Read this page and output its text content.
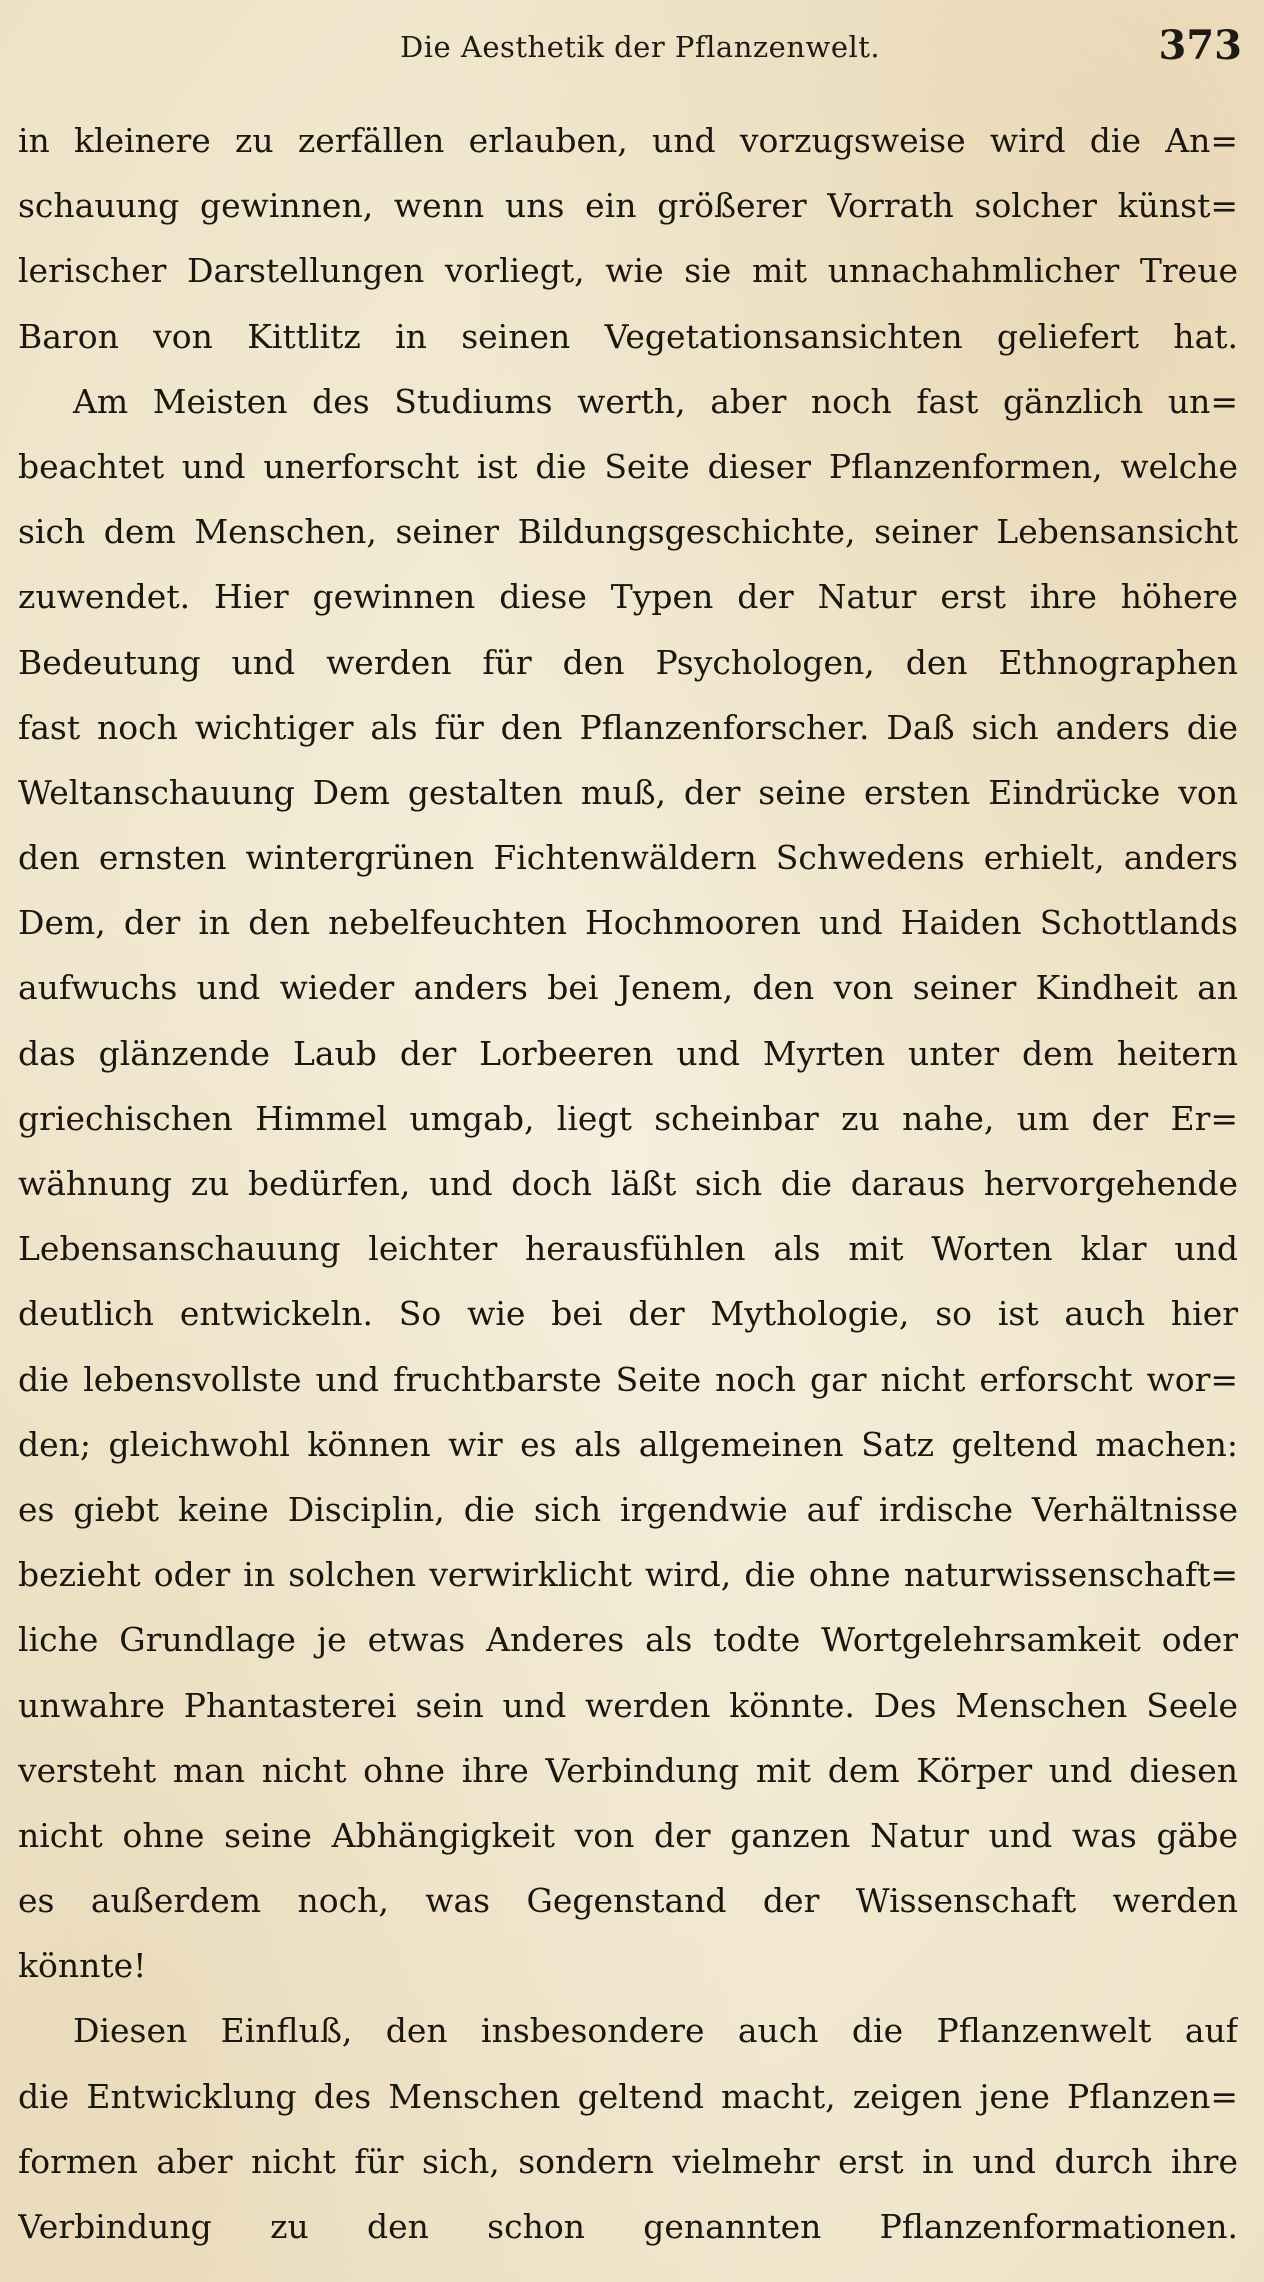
Die Aesthetik der Pflanzenwelt.	373
in kleinere zu zerfällen erlauben, und vorzugsweise wird die An=
schauung gewinnen, wenn uns ein größerer Vorrath solcher künst=
lerischer Darstellungen vorliegt, wie sie mit unnachahmlicher Treue
Baron von Kittlitz in seinen Vegetationsansichten geliefert hat.
Am Meisten des Studiums werth, aber noch fast gänzlich un=
beachtet und unerforscht ist die Seite dieser Pflanzenformen, welche
sich dem Menschen, seiner Bildungsgeschichte, seiner Lebensansicht
zuwendet. Hier gewinnen diese Typen der Natur erst ihre höhere
Bedeutung und werden für den Psychologen, den Ethnographen
fast noch wichtiger als für den Pflanzenforscher. Daß sich anders die
Weltanschauung Dem gestalten muß, der seine ersten Eindrücke von
den ernsten wintergrünen Fichtenwäldern Schwedens erhielt, anders
Dem, der in den nebelfeuchten Hochmooren und Haiden Schottlands
aufwuchs und wieder anders bei Jenem, den von seiner Kindheit an
das glänzende Laub der Lorbeeren und Myrten unter dem heitern
griechischen Himmel umgab, liegt scheinbar zu nahe, um der Er=
wähnung zu bedürfen, und doch läßt sich die daraus hervorgehende
Lebensanschauung leichter herausfühlen als mit Worten klar und
deutlich entwickeln. So wie bei der Mythologie, so ist auch hier
die lebensvollste und fruchtbarste Seite noch gar nicht erforscht wor=
den; gleichwohl können wir es als allgemeinen Satz geltend machen:
es giebt keine Disciplin, die sich irgendwie auf irdische Verhältnisse
bezieht oder in solchen verwirklicht wird, die ohne naturwissenschaft=
liche Grundlage je etwas Anderes als todte Wortgelehrsamkeit oder
unwahre Phantasterei sein und werden könnte. Des Menschen Seele
versteht man nicht ohne ihre Verbindung mit dem Körper und diesen
nicht ohne seine Abhängigkeit von der ganzen Natur und was gäbe
es außerdem noch, was Gegenstand der Wissenschaft werden
könnte!
Diesen Einfluß, den insbesondere auch die Pflanzenwelt auf
die Entwicklung des Menschen geltend macht, zeigen jene Pflanzen=
formen aber nicht für sich, sondern vielmehr erst in und durch ihre
Verbindung zu den schon genannten Pflanzenformationen.
